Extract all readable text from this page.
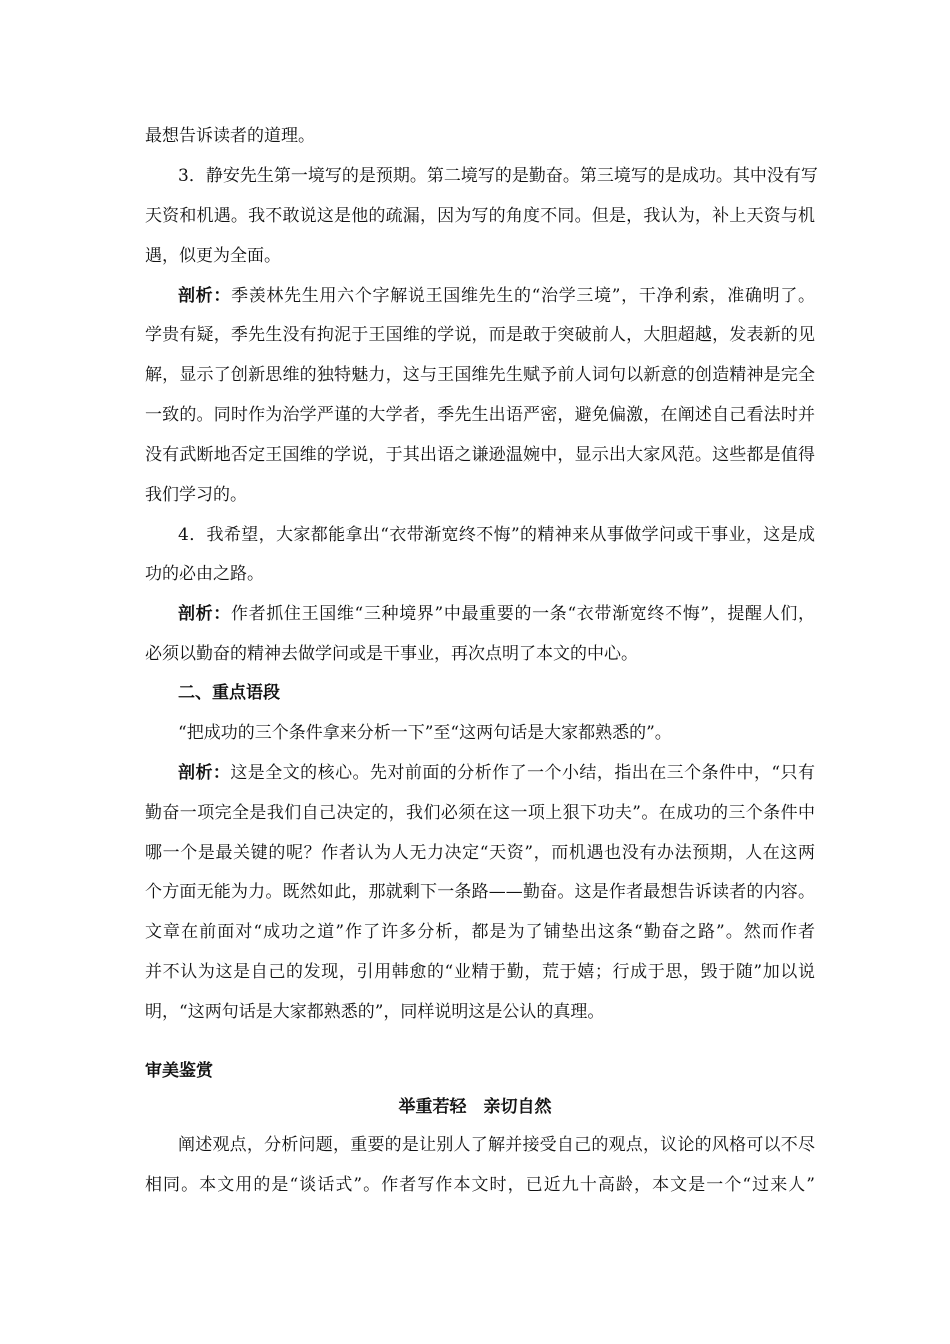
最想告诉读者的道理。
3．静安先生第一境写的是预期。第二境写的是勤奋。第三境写的是成功。其中没有写
天资和机遇。我不敢说这是他的疏漏，因为写的角度不同。但是，我认为，补上天资与机
遇，似更为全面。
剖析：季羡林先生用六个字解说王国维先生的“治学三境”，干净利索，准确明了。
学贵有疑，季先生没有拘泥于王国维的学说，而是敢于突破前人，大胆超越，发表新的见
解，显示了创新思维的独特魅力，这与王国维先生赋予前人词句以新意的创造精神是完全
一致的。同时作为治学严谨的大学者，季先生出语严密，避免偏激，在阐述自己看法时并
没有武断地否定王国维的学说，于其出语之谦逊温婉中，显示出大家风范。这些都是值得
我们学习的。
4．我希望，大家都能拿出“衣带渐宽终不悔”的精神来从事做学问或干事业，这是成
功的必由之路。
剖析：作者抓住王国维“三种境界”中最重要的一条“衣带渐宽终不悔”，提醒人们，
必须以勤奋的精神去做学问或是干事业，再次点明了本文的中心。
二、重点语段
“把成功的三个条件拿来分析一下”至“这两句话是大家都熟悉的”。
剖析：这是全文的核心。先对前面的分析作了一个小结，指出在三个条件中，“只有
勤奋一项完全是我们自己决定的，我们必须在这一项上狠下功夫”。在成功的三个条件中
哪一个是最关键的呢？作者认为人无力决定“天资”，而机遇也没有办法预期，人在这两
个方面无能为力。既然如此，那就剩下一条路——勤奋。这是作者最想告诉读者的内容。
文章在前面对“成功之道”作了许多分析，都是为了铺垫出这条“勤奋之路”。然而作者
并不认为这是自己的发现，引用韩愈的“业精于勤，荒于嬉；行成于思，毁于随”加以说
明，“这两句话是大家都熟悉的”，同样说明这是公认的真理。
审美鉴赏
举重若轻　亲切自然
阐述观点，分析问题，重要的是让别人了解并接受自己的观点，议论的风格可以不尽
相同。本文用的是“谈话式”。作者写作本文时，已近九十高龄，本文是一个“过来人”
